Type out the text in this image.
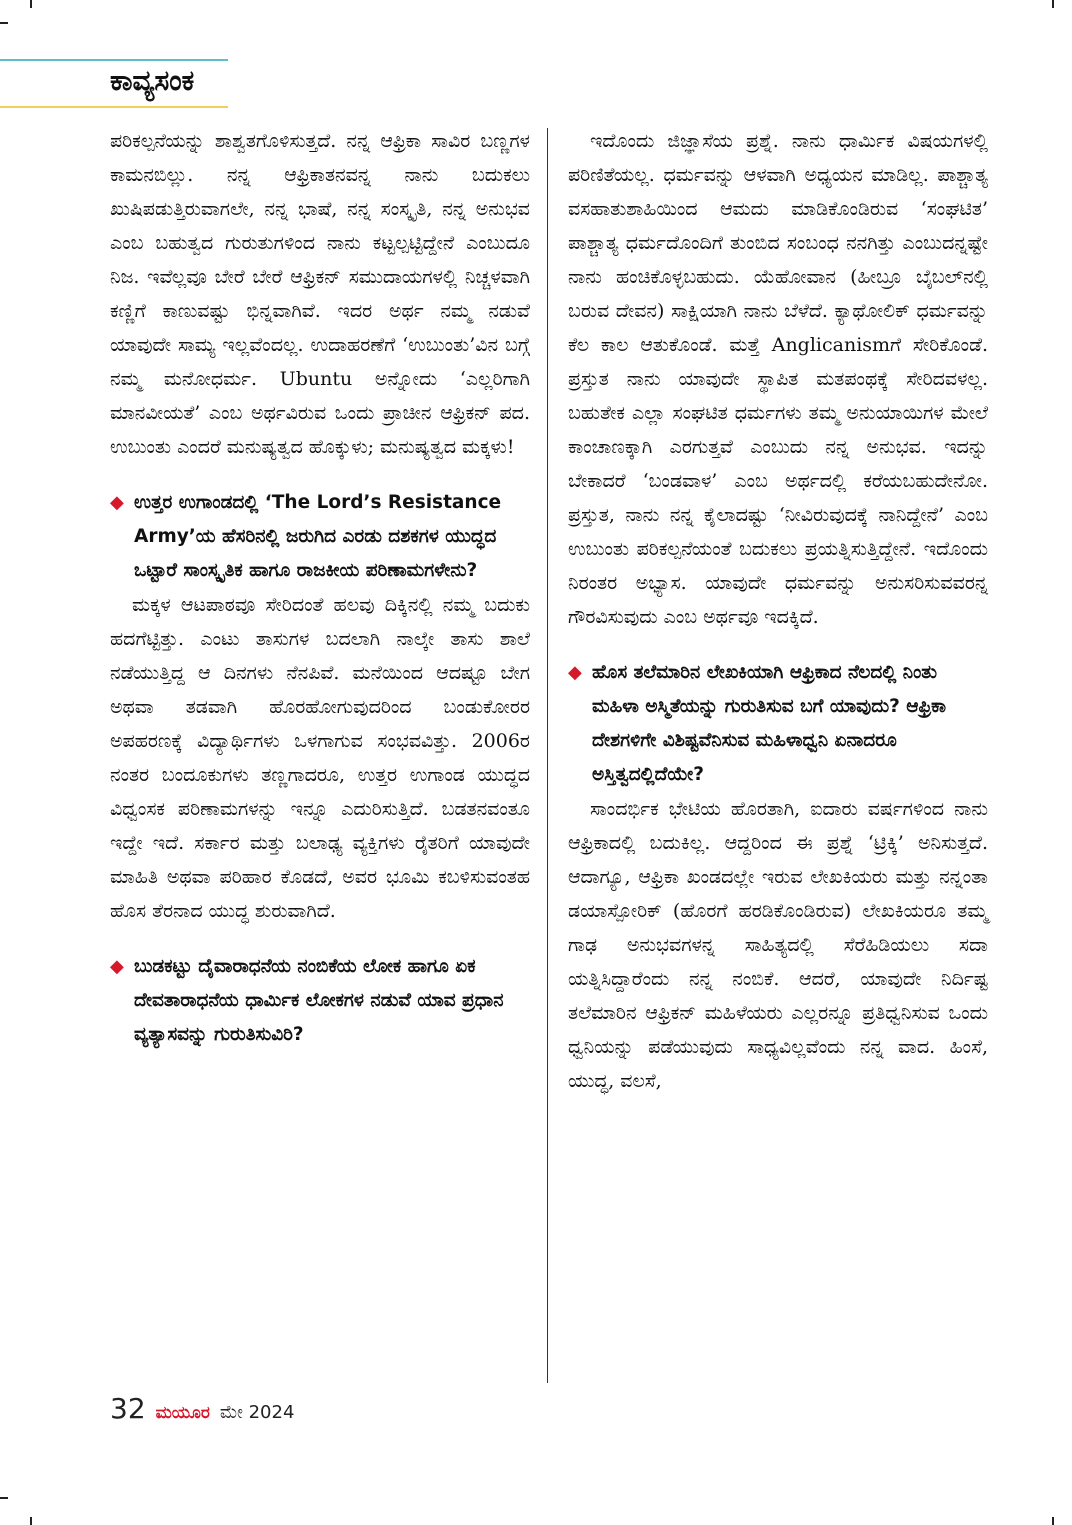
ಕಾವ್ಯಸಂಕ

ಪರಿಕಲ್ಪನೆಯನ್ನು ಶಾಶ್ವತಗೊಳಿಸುತ್ತದೆ. ನನ್ನ ಆಫ್ರಿಕಾ ಸಾವಿರ ಬಣ್ಣಗಳ ಕಾಮನಬಿಲ್ಲು. ನನ್ನ ಆಫ್ರಿಕಾತನವನ್ನ ನಾನು ಬದುಕಲು ಖುಷಿಪಡುತ್ತಿರುವಾಗಲೇ, ನನ್ನ ಭಾಷೆ, ನನ್ನ ಸಂಸ್ಕೃತಿ, ನನ್ನ ಅನುಭವ ಎಂಬ ಬಹುತ್ವದ ಗುರುತುಗಳಿಂದ ನಾನು ಕಟ್ಟಲ್ಪಟ್ಟಿದ್ದೇನೆ ಎಂಬುದೂ ನಿಜ. ಇವೆಲ್ಲವೂ ಬೇರೆ ಬೇರೆ ಆಫ್ರಿಕನ್ ಸಮುದಾಯಗಳಲ್ಲಿ ನಿಚ್ಚಳವಾಗಿ ಕಣ್ಣಿಗೆ ಕಾಣುವಷ್ಟು ಭಿನ್ನವಾಗಿವೆ. ಇದರ ಅರ್ಥ ನಮ್ಮ ನಡುವೆ ಯಾವುದೇ ಸಾಮ್ಯ ಇಲ್ಲವೆಂದಲ್ಲ. ಉದಾಹರಣೆಗೆ ‘ಉಬುಂತು’ವಿನ ಬಗ್ಗೆ ನಮ್ಮ ಮನೋಧರ್ಮ. Ubuntu ಅನ್ನೋದು ‘ಎಲ್ಲರಿಗಾಗಿ ಮಾನವೀಯತೆ’ ಎಂಬ ಅರ್ಥವಿರುವ ಒಂದು ಪ್ರಾಚೀನ ಆಫ್ರಿಕನ್ ಪದ. ಉಬುಂತು ಎಂದರೆ ಮನುಷ್ಯತ್ವದ ಹೊಕ್ಕುಳು; ಮನುಷ್ಯತ್ವದ ಮಕ್ಕಳು!

◆ ಉತ್ತರ ಉಗಾಂಡದಲ್ಲಿ ‘The Lord’s Resistance Army’ಯ ಹೆಸರಿನಲ್ಲಿ ಜರುಗಿದ ಎರಡು ದಶಕಗಳ ಯುದ್ಧದ ಒಟ್ಟಾರೆ ಸಾಂಸ್ಕೃತಿಕ ಹಾಗೂ ರಾಜಕೀಯ ಪರಿಣಾಮಗಳೇನು?

ಮಕ್ಕಳ ಆಟಪಾಠವೂ ಸೇರಿದಂತೆ ಹಲವು ದಿಕ್ಕಿನಲ್ಲಿ ನಮ್ಮ ಬದುಕು ಹದಗೆಟ್ಟಿತ್ತು. ಎಂಟು ತಾಸುಗಳ ಬದಲಾಗಿ ನಾಲ್ಕೇ ತಾಸು ಶಾಲೆ ನಡೆಯುತ್ತಿದ್ದ ಆ ದಿನಗಳು ನೆನಪಿವೆ. ಮನೆಯಿಂದ ಆದಷ್ಟೂ ಬೇಗ ಅಥವಾ ತಡವಾಗಿ ಹೊರಹೋಗುವುದರಿಂದ ಬಂಡುಕೋರರ ಅಪಹರಣಕ್ಕೆ ವಿದ್ಯಾರ್ಥಿಗಳು ಒಳಗಾಗುವ ಸಂಭವವಿತ್ತು. 2006ರ ನಂತರ ಬಂದೂಕುಗಳು ತಣ್ಣಗಾದರೂ, ಉತ್ತರ ಉಗಾಂಡ ಯುದ್ಧದ ವಿಧ್ವಂಸಕ ಪರಿಣಾಮಗಳನ್ನು ಇನ್ನೂ ಎದುರಿಸುತ್ತಿದೆ. ಬಡತನವಂತೂ ಇದ್ದೇ ಇದೆ. ಸರ್ಕಾರ ಮತ್ತು ಬಲಾಢ್ಯ ವ್ಯಕ್ತಿಗಳು ರೈತರಿಗೆ ಯಾವುದೇ ಮಾಹಿತಿ ಅಥವಾ ಪರಿಹಾರ ಕೊಡದೆ, ಅವರ ಭೂಮಿ ಕಬಳಿಸುವಂತಹ ಹೊಸ ತೆರನಾದ ಯುದ್ಧ ಶುರುವಾಗಿದೆ.

◆ ಬುಡಕಟ್ಟು ದೈವಾರಾಧನೆಯ ನಂಬಿಕೆಯ ಲೋಕ ಹಾಗೂ ಏಕ ದೇವತಾರಾಧನೆಯ ಧಾರ್ಮಿಕ ಲೋಕಗಳ ನಡುವೆ ಯಾವ ಪ್ರಧಾನ ವ್ಯತ್ಯಾಸವನ್ನು ಗುರುತಿಸುವಿರಿ?

ಇದೊಂದು ಜಿಜ್ಞಾಸೆಯ ಪ್ರಶ್ನೆ. ನಾನು ಧಾರ್ಮಿಕ ವಿಷಯಗಳಲ್ಲಿ ಪರಿಣಿತೆಯಲ್ಲ. ಧರ್ಮವನ್ನು ಆಳವಾಗಿ ಅಧ್ಯಯನ ಮಾಡಿಲ್ಲ. ಪಾಶ್ಚಾತ್ಯ ವಸಹಾತುಶಾಹಿಯಿಂದ ಆಮದು ಮಾಡಿಕೊಂಡಿರುವ ‘ಸಂಘಟಿತ’ ಪಾಶ್ಚಾತ್ಯ ಧರ್ಮದೊಂದಿಗೆ ತುಂಬಿದ ಸಂಬಂಧ ನನಗಿತ್ತು ಎಂಬುದನ್ನಷ್ಟೇ ನಾನು ಹಂಚಿಕೊಳ್ಳಬಹುದು. ಯೆಹೋವಾನ (ಹೀಬ್ರೂ ಬೈಬಲ್‌ನಲ್ಲಿ ಬರುವ ದೇವನ) ಸಾಕ್ಷಿಯಾಗಿ ನಾನು ಬೆಳೆದೆ. ಕ್ಯಾಥೋಲಿಕ್ ಧರ್ಮವನ್ನು ಕೆಲ ಕಾಲ ಆತುಕೊಂಡೆ. ಮತ್ತೆ Anglicanismಗೆ ಸೇರಿಕೊಂಡೆ. ಪ್ರಸ್ತುತ ನಾನು ಯಾವುದೇ ಸ್ಥಾಪಿತ ಮತಪಂಥಕ್ಕೆ ಸೇರಿದವಳಲ್ಲ. ಬಹುತೇಕ ಎಲ್ಲಾ ಸಂಘಟಿತ ಧರ್ಮಗಳು ತಮ್ಮ ಅನುಯಾಯಿಗಳ ಮೇಲೆ ಕಾಂಚಾಣಕ್ಕಾಗಿ ಎರಗುತ್ತವೆ ಎಂಬುದು ನನ್ನ ಅನುಭವ. ಇದನ್ನು ಬೇಕಾದರೆ ‘ಬಂಡವಾಳ’ ಎಂಬ ಅರ್ಥದಲ್ಲಿ ಕರೆಯಬಹುದೇನೋ. ಪ್ರಸ್ತುತ, ನಾನು ನನ್ನ ಕೈಲಾದಷ್ಟು ‘ನೀವಿರುವುದಕ್ಕೆ ನಾನಿದ್ದೇನೆ’ ಎಂಬ ಉಬುಂತು ಪರಿಕಲ್ಪನೆಯಂತೆ ಬದುಕಲು ಪ್ರಯತ್ನಿಸುತ್ತಿದ್ದೇನೆ. ಇದೊಂದು ನಿರಂತರ ಅಭ್ಯಾಸ. ಯಾವುದೇ ಧರ್ಮವನ್ನು ಅನುಸರಿಸುವವರನ್ನ ಗೌರವಿಸುವುದು ಎಂಬ ಅರ್ಥವೂ ಇದಕ್ಕಿದೆ.

◆ ಹೊಸ ತಲೆಮಾರಿನ ಲೇಖಕಿಯಾಗಿ ಆಫ್ರಿಕಾದ ನೆಲದಲ್ಲಿ ನಿಂತು ಮಹಿಳಾ ಅಸ್ಮಿತೆಯನ್ನು ಗುರುತಿಸುವ ಬಗೆ ಯಾವುದು? ಆಫ್ರಿಕಾ ದೇಶಗಳಿಗೇ ವಿಶಿಷ್ಟವೆನಿಸುವ ಮಹಿಳಾಧ್ವನಿ ಏನಾದರೂ ಅಸ್ತಿತ್ವದಲ್ಲಿದೆಯೇ?

ಸಾಂದರ್ಭಿಕ ಭೇಟಿಯ ಹೊರತಾಗಿ, ಐದಾರು ವರ್ಷಗಳಿಂದ ನಾನು ಆಫ್ರಿಕಾದಲ್ಲಿ ಬದುಕಿಲ್ಲ. ಆದ್ದರಿಂದ ಈ ಪ್ರಶ್ನೆ ‘ಟ್ರಿಕ್ಕಿ’ ಅನಿಸುತ್ತದೆ. ಆದಾಗ್ಯೂ, ಆಫ್ರಿಕಾ ಖಂಡದಲ್ಲೇ ಇರುವ ಲೇಖಕಿಯರು ಮತ್ತು ನನ್ನಂತಾ ಡಯಾಸ್ಪೋರಿಕ್ (ಹೊರಗೆ ಹರಡಿಕೊಂಡಿರುವ) ಲೇಖಕಿಯರೂ ತಮ್ಮ ಗಾಢ ಅನುಭವಗಳನ್ನ ಸಾಹಿತ್ಯದಲ್ಲಿ ಸೆರೆಹಿಡಿಯಲು ಸದಾ ಯತ್ನಿಸಿದ್ದಾರೆಂದು ನನ್ನ ನಂಬಿಕೆ. ಆದರೆ, ಯಾವುದೇ ನಿರ್ದಿಷ್ಟ ತಲೆಮಾರಿನ ಆಫ್ರಿಕನ್ ಮಹಿಳೆಯರು ಎಲ್ಲರನ್ನೂ ಪ್ರತಿಧ್ವನಿಸುವ ಒಂದು ಧ್ವನಿಯನ್ನು ಪಡೆಯುವುದು ಸಾಧ್ಯವಿಲ್ಲವೆಂದು ನನ್ನ ವಾದ. ಹಿಂಸೆ, ಯುದ್ಧ, ವಲಸೆ,

32 ಮಯೂರ ಮೇ 2024
